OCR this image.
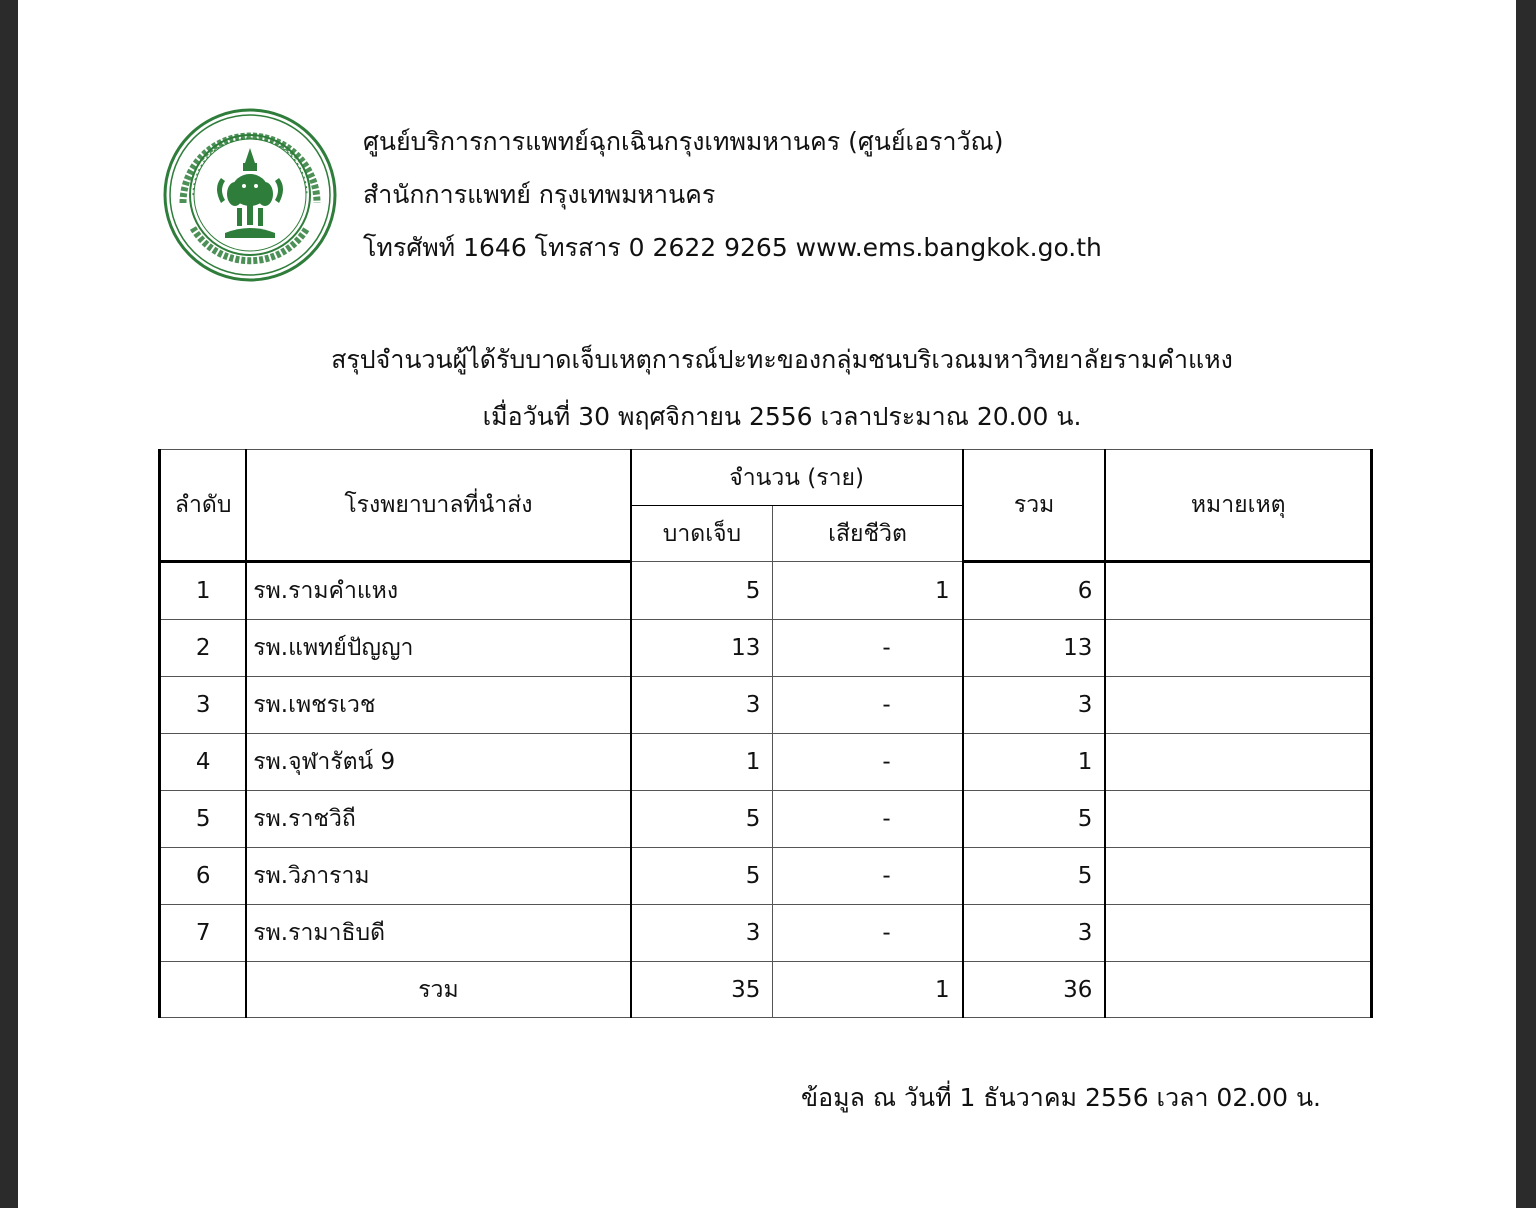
ศูนย์บริการการแพทย์ฉุกเฉินกรุงเทพมหานคร (ศูนย์เอราวัณ)
สำนักการแพทย์ กรุงเทพมหานคร
โทรศัพท์ 1646 โทรสาร 0 2622 9265 www.ems.bangkok.go.th
สรุปจำนวนผู้ได้รับบาดเจ็บเหตุการณ์ปะทะของกลุ่มชนบริเวณมหาวิทยาลัยรามคำแหง
เมื่อวันที่ 30 พฤศจิกายน 2556 เวลาประมาณ 20.00 น.
ลำดับ	โรงพยาบาลที่นำส่ง	จำนวน (ราย)		รวม	หมายเหตุ
		บาดเจ็บ	เสียชีวิต		
1	รพ.รามคำแหง	5	1	6	
2	รพ.แพทย์ปัญญา	13	-	13	
3	รพ.เพชรเวช	3	-	3	
4	รพ.จุฬารัตน์ 9	1	-	1	
5	รพ.ราชวิถี	5	-	5	
6	รพ.วิภาราม	5	-	5	
7	รพ.รามาธิบดี	3	-	3	
	รวม	35	1	36	
ข้อมูล ณ วันที่ 1 ธันวาคม 2556 เวลา 02.00 น.
